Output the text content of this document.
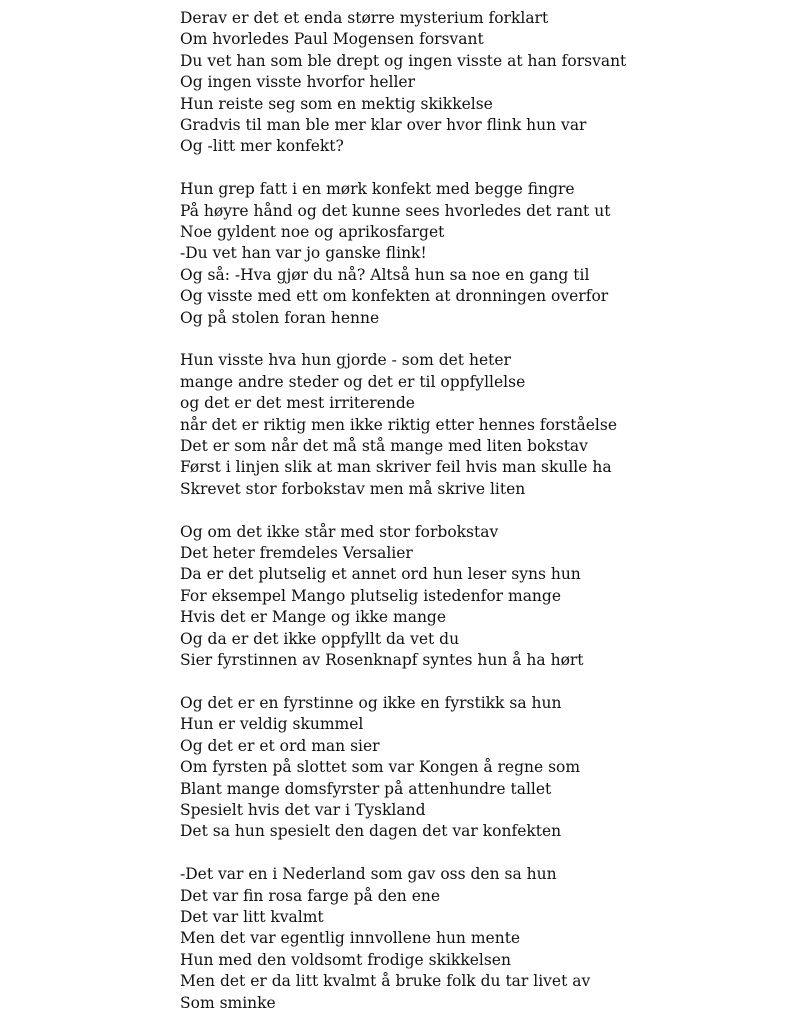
Derav er det et enda større mysterium forklart
Om hvorledes Paul Mogensen forsvant
Du vet han som ble drept og ingen visste at han forsvant
Og ingen visste hvorfor heller
Hun reiste seg som en mektig skikkelse
Gradvis til man ble mer klar over hvor flink hun var
Og -litt mer konfekt?
Hun grep fatt i en mørk konfekt med begge fingre
På høyre hånd og det kunne sees hvorledes det rant ut
Noe gyldent noe og aprikosfarget
-Du vet han var jo ganske flink!
Og så: -Hva gjør du nå? Altså hun sa noe en gang til
Og visste med ett om konfekten at dronningen overfor
Og på stolen foran henne
Hun visste hva hun gjorde - som det heter
mange andre steder og det er til oppfyllelse
og det er det mest irriterende
når det er riktig men ikke riktig etter hennes forståelse
Det er som når det må stå mange med liten bokstav
Først i linjen slik at man skriver feil hvis man skulle ha
Skrevet stor forbokstav men må skrive liten
Og om det ikke står med stor forbokstav
Det heter fremdeles Versalier
Da er det plutselig et annet ord hun leser syns hun
For eksempel Mango plutselig istedenfor mange
Hvis det er Mange og ikke mange
Og da er det ikke oppfyllt da vet du
Sier fyrstinnen av Rosenknapf syntes hun å ha hørt
Og det er en fyrstinne og ikke en fyrstikk sa hun
Hun er veldig skummel
Og det er et ord man sier
Om fyrsten på slottet som var Kongen å regne som
Blant mange domsfyrster på attenhundre tallet
Spesielt hvis det var i Tyskland
Det sa hun spesielt den dagen det var konfekten
-Det var en i Nederland som gav oss den sa hun
Det var fin rosa farge på den ene
Det var litt kvalmt
Men det var egentlig innvollene hun mente
Hun med den voldsomt frodige skikkelsen
Men det er da litt kvalmt å bruke folk du tar livet av
Som sminke
